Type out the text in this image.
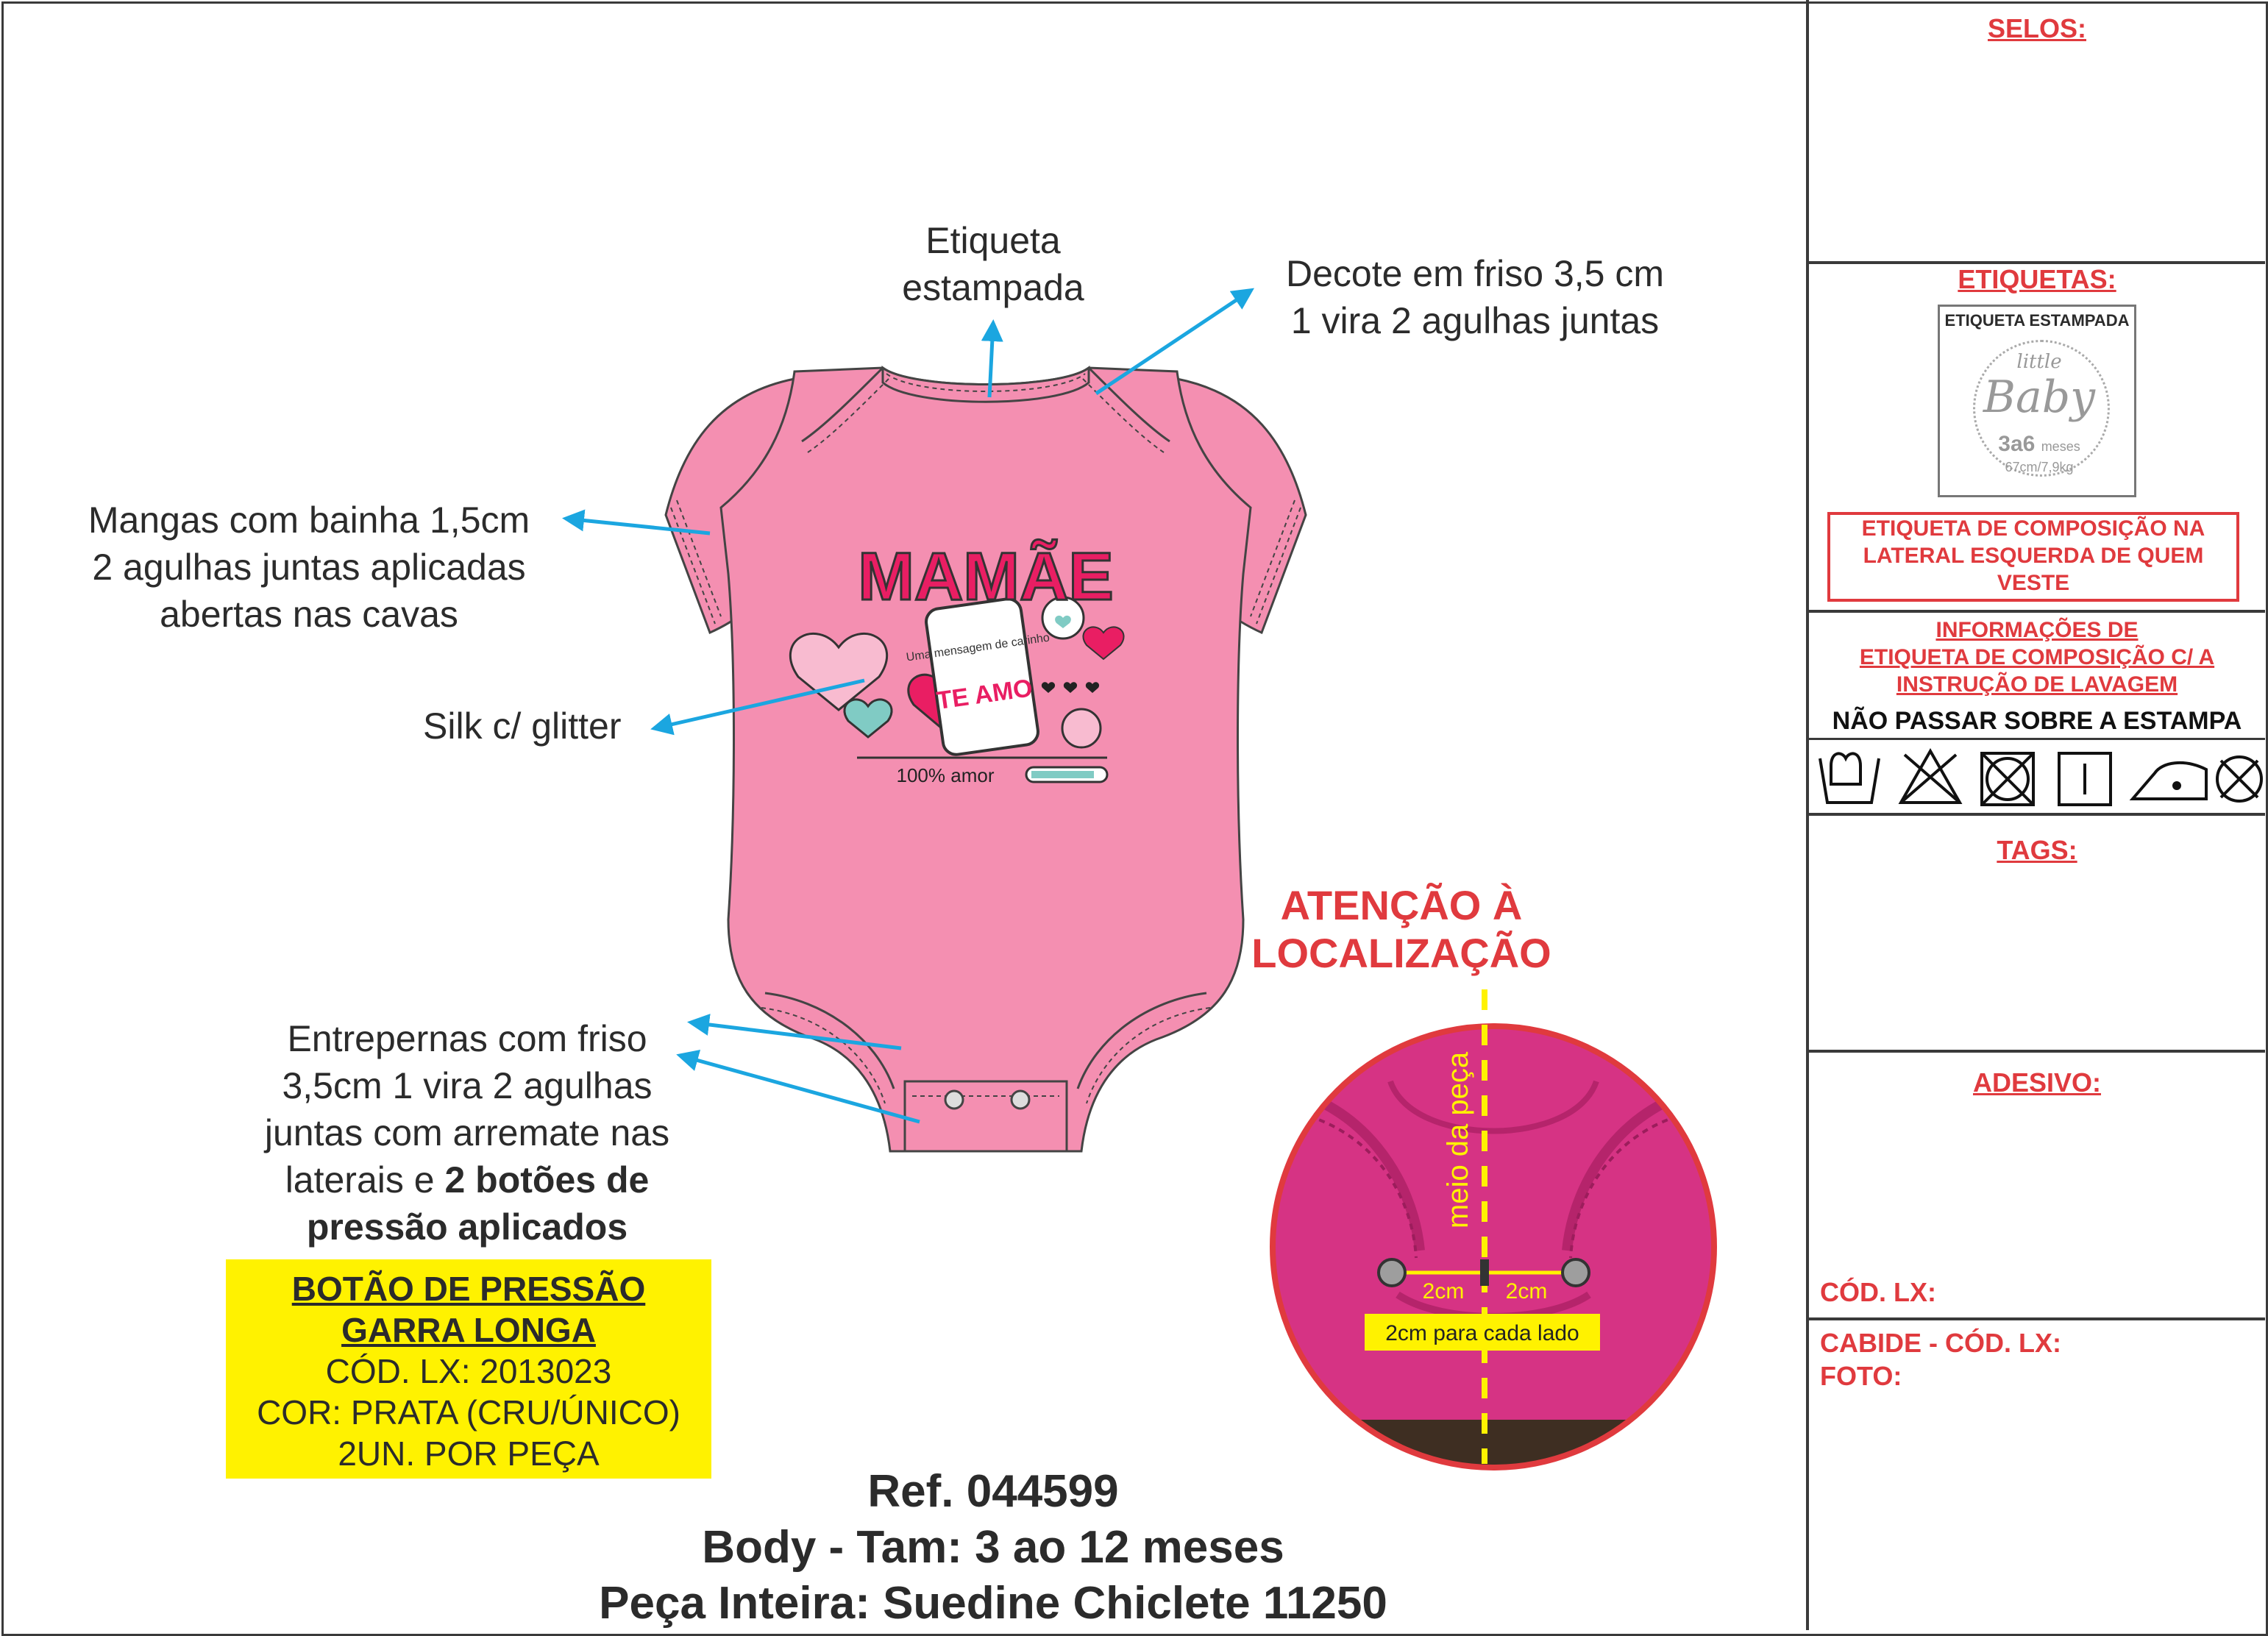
MAMÃE
Uma mensagem de carinho
TE AMO
100% amor
ATENÇÃO À
LOCALIZAÇÃO
meio da peça
2cm 2cm
2cm para cada lado
Etiqueta
estampada	Decote em friso 3,5 cm
1 vira 2 agulhas juntas
Mangas com bainha 1,5cm
2 agulhas juntas aplicadas
abertas nas cavas
Silk c/ glitter
Entrepernas com friso
3,5cm 1 vira 2 agulhas
juntas com arremate nas
laterais e 2 botões de
pressão aplicados
BOTÃO DE PRESSÃO
GARRA LONGA
CÓD. LX: 2013023
COR: PRATA (CRU/ÚNICO)
2UN. POR PEÇA
Ref. 044599
Body - Tam: 3 ao 12 meses
Peça Inteira: Suedine Chiclete 11250
SELOS:
ETIQUETAS:
ETIQUETA ESTAMPADA
little
Baby
3a6 meses
67cm/7,9kg
ETIQUETA DE COMPOSIÇÃO NA
LATERAL ESQUERDA DE QUEM
VESTE
INFORMAÇÕES DE
ETIQUETA DE COMPOSIÇÃO C/ A
INSTRUÇÃO DE LAVAGEM
NÃO PASSAR SOBRE A ESTAMPA
TAGS:
ADESIVO:
CÓD. LX:
CABIDE - CÓD. LX:
FOTO:
